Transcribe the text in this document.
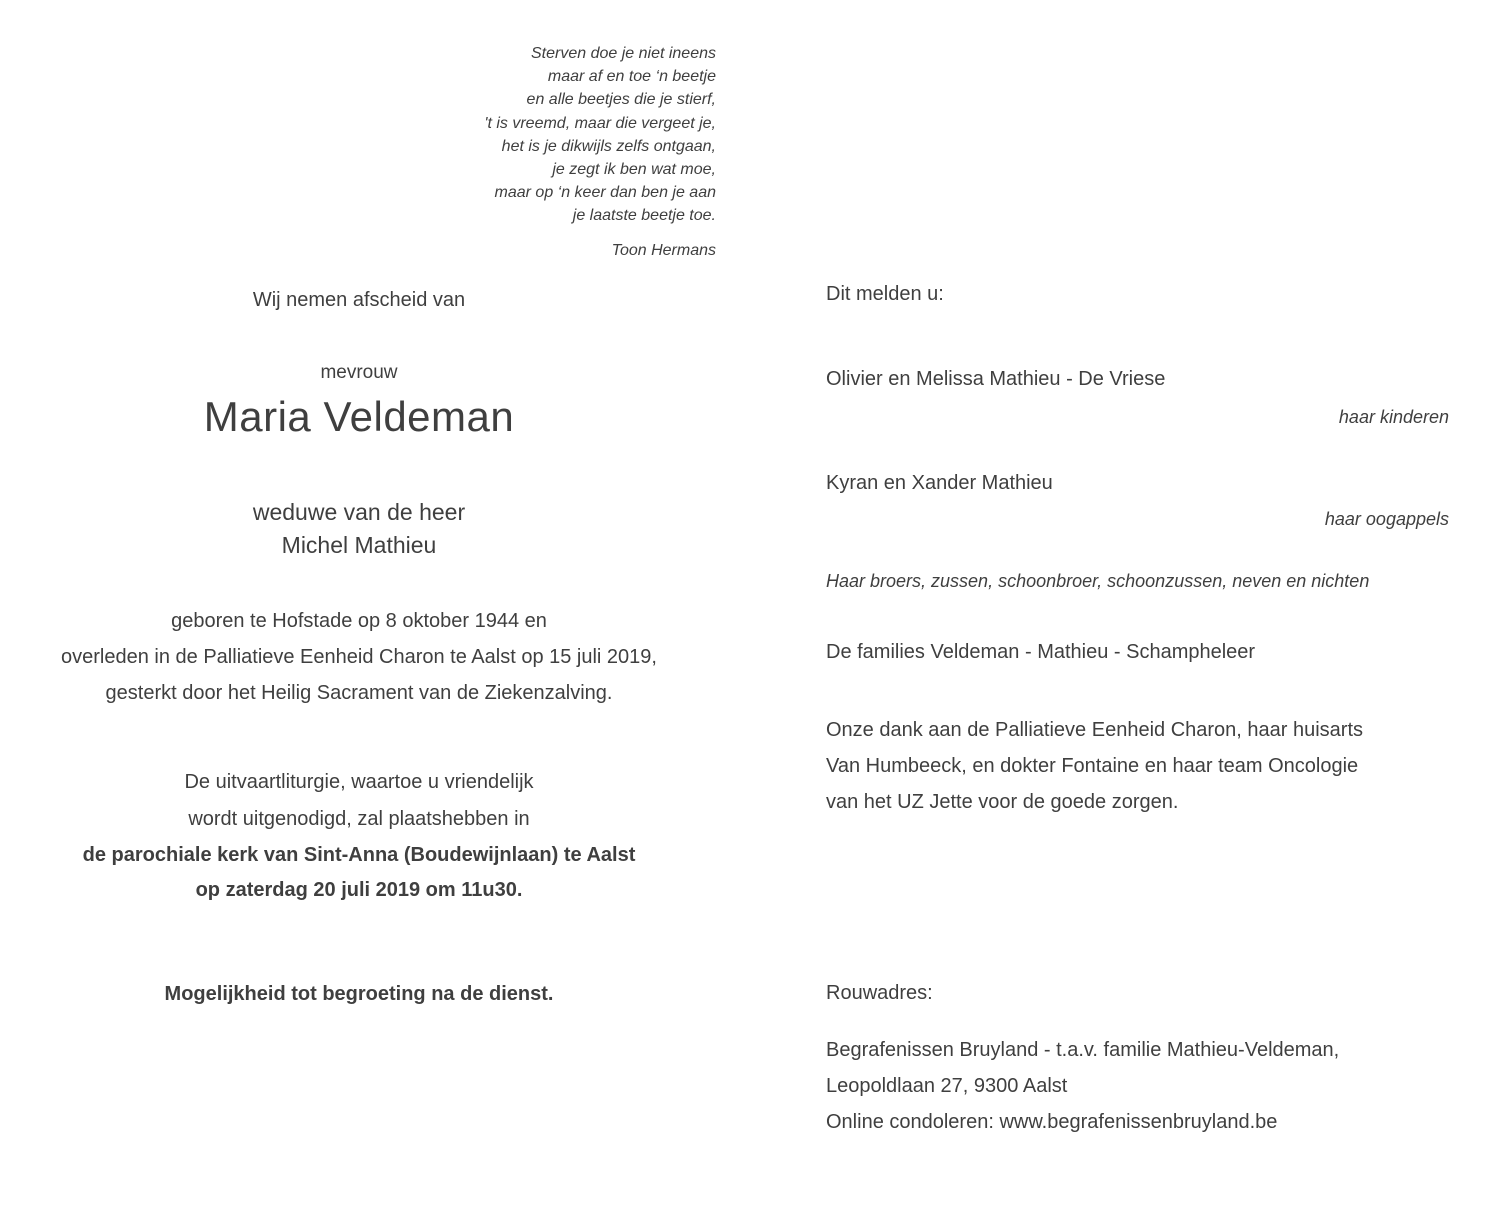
Sterven doe je niet ineens
maar af en toe ‘n beetje
en alle beetjes die je stierf,
't is vreemd, maar die vergeet je,
het is je dikwijls zelfs ontgaan,
je zegt ik ben wat moe,
maar op ‘n keer dan ben je aan
je laatste beetje toe.
Toon Hermans
Wij nemen afscheid van
mevrouw
Maria Veldeman
weduwe van de heer
Michel Mathieu
geboren te Hofstade op 8 oktober 1944 en
overleden in de Palliatieve Eenheid Charon te Aalst op 15 juli 2019,
gesterkt door het Heilig Sacrament van de Ziekenzalving.
De uitvaartliturgie, waartoe u vriendelijk
wordt uitgenodigd, zal plaatshebben in
de parochiale kerk van Sint-Anna (Boudewijnlaan) te Aalst
op zaterdag 20 juli 2019 om 11u30.
Mogelijkheid tot begroeting na de dienst.
Dit melden u:
Olivier en Melissa Mathieu - De Vriese
haar kinderen
Kyran en Xander Mathieu
haar oogappels
Haar broers, zussen, schoonbroer, schoonzussen, neven en nichten
De families Veldeman - Mathieu - Schampheleer
Onze dank aan de Palliatieve Eenheid Charon, haar huisarts
Van Humbeeck, en dokter Fontaine en haar team Oncologie
van het UZ Jette voor de goede zorgen.
Rouwadres:
Begrafenissen Bruyland - t.a.v. familie Mathieu-Veldeman,
Leopoldlaan 27, 9300 Aalst
Online condoleren: www.begrafenissenbruyland.be
